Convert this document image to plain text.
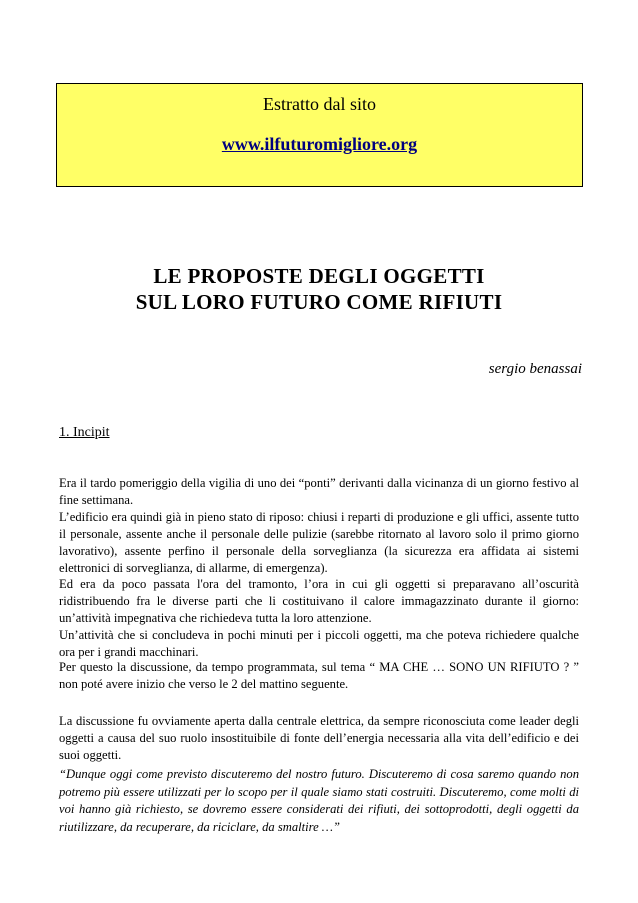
Estratto dal sito
www.ilfuturomigliore.org
LE PROPOSTE DEGLI OGGETTI
SUL LORO FUTURO COME RIFIUTI
sergio benassai
1. Incipit

Era il tardo pomeriggio della vigilia di uno dei “ponti” derivanti dalla vicinanza di un giorno festivo al fine settimana.

L’edificio era quindi già in pieno stato di riposo: chiusi i reparti di produzione e gli uffici, assente tutto il personale, assente anche il personale delle pulizie (sarebbe ritornato al lavoro solo il primo giorno lavorativo), assente perfino il personale della sorveglianza (la sicurezza era affidata ai sistemi elettronici di sorveglianza, di allarme, di emergenza).

Ed era da poco passata l'ora del tramonto, l’ora in cui gli oggetti si preparavano all’oscurità ridistribuendo fra le diverse parti che li costituivano il calore immagazzinato durante il giorno: un’attività impegnativa che richiedeva tutta la loro attenzione.

Un’attività che si concludeva in pochi minuti per i piccoli oggetti, ma che poteva richiedere qualche ora per i grandi macchinari.

Per questo la discussione, da tempo programmata, sul tema “ MA CHE … SONO UN RIFIUTO ? ” non poté avere inizio che verso le 2 del mattino seguente.

La discussione fu ovviamente aperta dalla centrale elettrica, da sempre riconosciuta come leader degli oggetti a causa del suo ruolo insostituibile di fonte dell’energia necessaria alla vita dell’edificio e dei suoi oggetti.

“Dunque oggi come previsto discuteremo del nostro futuro. Discuteremo di cosa saremo quando non potremo più essere utilizzati per lo scopo per il quale siamo stati costruiti. Discuteremo, come molti di voi hanno già richiesto, se dovremo essere considerati dei rifiuti, dei sottoprodotti, degli oggetti da riutilizzare, da recuperare, da riciclare, da smaltire …”
